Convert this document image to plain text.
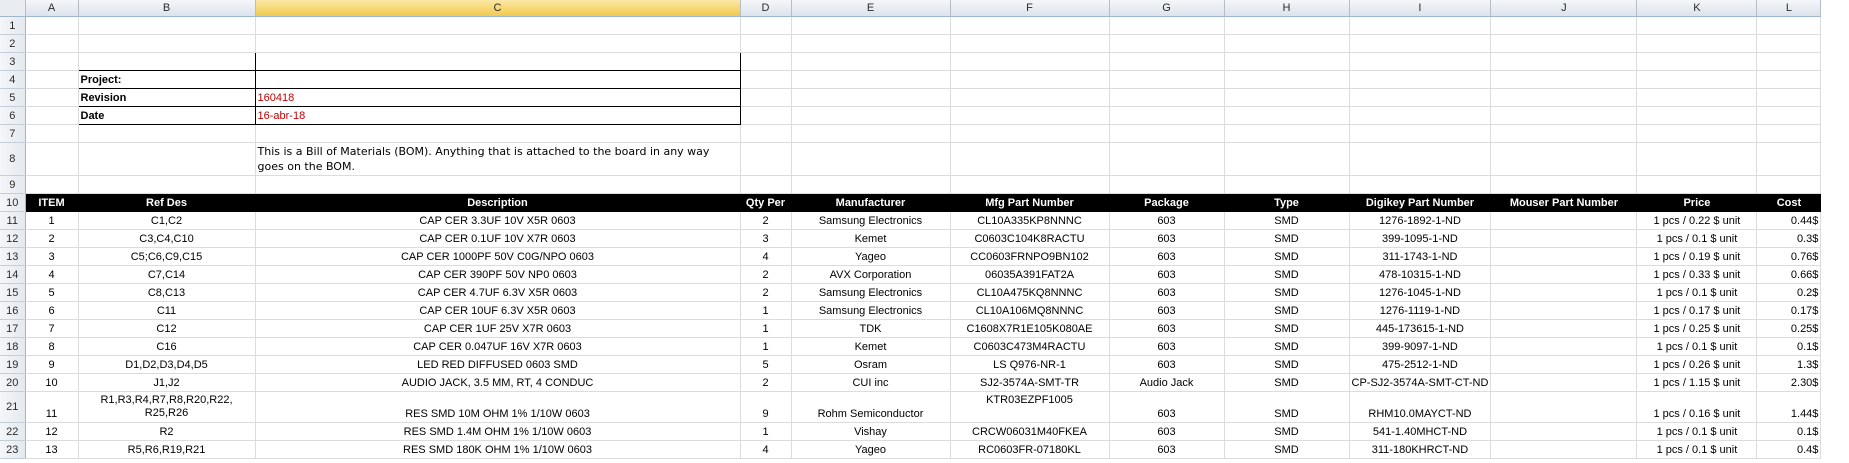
	A	B	C	D	E	F	G	H	I	J	K	L
1												
2												
3												
4		Project:										
5		Revision	160418									
6		Date	16-abr-18									
7												
8			This is a Bill of Materials (BOM). Anything that is attached to the board in any way goes on the BOM.									
9												
10	ITEM	Ref Des	Description	Qty Per	Manufacturer	Mfg Part Number	Package	Type	Digikey Part Number	Mouser Part Number	Price	Cost
11	1	C1,C2	CAP CER 3.3UF 10V X5R 0603	2	Samsung Electronics	CL10A335KP8NNNC	603	SMD	1276-1892-1-ND		1 pcs / 0.22 $ unit	0.44$
12	2	C3,C4,C10	CAP CER 0.1UF 10V X7R 0603	3	Kemet	C0603C104K8RACTU	603	SMD	399-1095-1-ND		1 pcs / 0.1 $ unit	0.3$
13	3	C5;C6,C9,C15	CAP CER 1000PF 50V C0G/NPO 0603	4	Yageo	CC0603FRNPO9BN102	603	SMD	311-1743-1-ND		1 pcs / 0.19 $ unit	0.76$
14	4	C7,C14	CAP CER 390PF 50V NP0 0603	2	AVX Corporation	06035A391FAT2A	603	SMD	478-10315-1-ND		1 pcs / 0.33 $ unit	0.66$
15	5	C8,C13	CAP CER 4.7UF 6.3V X5R 0603	2	Samsung Electronics	CL10A475KQ8NNNC	603	SMD	1276-1045-1-ND		1 pcs / 0.1 $ unit	0.2$
16	6	C11	CAP CER 10UF 6.3V X5R 0603	1	Samsung Electronics	CL10A106MQ8NNNC	603	SMD	1276-1119-1-ND		1 pcs / 0.17 $ unit	0.17$
17	7	C12	CAP CER 1UF 25V X7R 0603	1	TDK	C1608X7R1E105K080AE	603	SMD	445-173615-1-ND		1 pcs / 0.25 $ unit	0.25$
18	8	C16	CAP CER 0.047UF 16V X7R 0603	1	Kemet	C0603C473M4RACTU	603	SMD	399-9097-1-ND		1 pcs / 0.1 $ unit	0.1$
19	9	D1,D2,D3,D4,D5	LED RED DIFFUSED 0603 SMD	5	Osram	LS Q976-NR-1	603	SMD	475-2512-1-ND		1 pcs / 0.26 $ unit	1.3$
20	10	J1,J2	AUDIO JACK, 3.5 MM, RT, 4 CONDUC	2	CUI inc	SJ2-3574A-SMT-TR	Audio Jack	SMD	CP-SJ2-3574A-SMT-CT-ND		1 pcs / 1.15 $ unit	2.30$
21	11	R1,R3,R4,R7,R8,R20,R22, R25,R26	RES SMD 10M OHM 1% 1/10W 0603	9	Rohm Semiconductor	KTR03EZPF1005	603	SMD	RHM10.0MAYCT-ND		1 pcs / 0.16 $ unit	1.44$
22	12	R2	RES SMD 1.4M OHM 1% 1/10W 0603	1	Vishay	CRCW06031M40FKEA	603	SMD	541-1.40MHCT-ND		1 pcs / 0.1 $ unit	0.1$
23	13	R5,R6,R19,R21	RES SMD 180K OHM 1% 1/10W 0603	4	Yageo	RC0603FR-07180KL	603	SMD	311-180KHRCT-ND		1 pcs / 0.1 $ unit	0.4$
